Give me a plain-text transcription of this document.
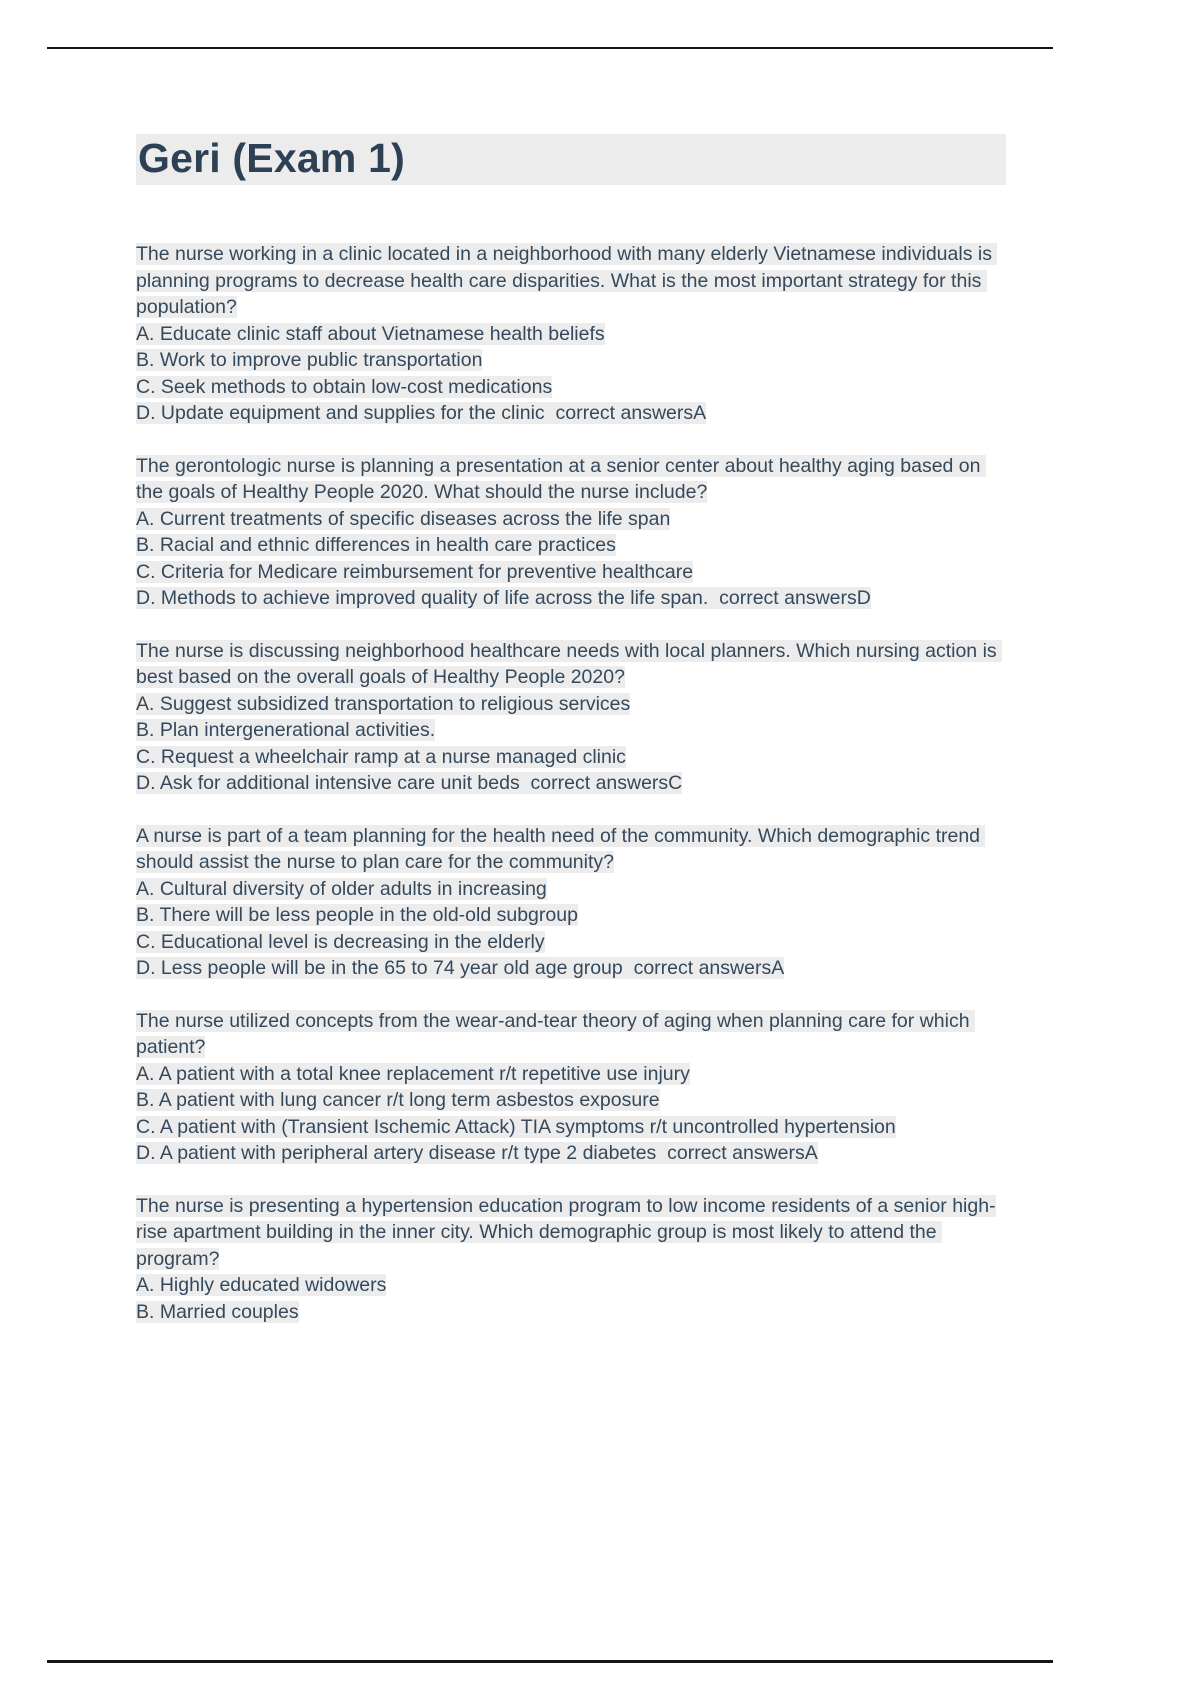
Geri (Exam 1)
The nurse working in a clinic located in a neighborhood with many elderly Vietnamese individuals is planning programs to decrease health care disparities. What is the most important strategy for this population?
A. Educate clinic staff about Vietnamese health beliefs
B. Work to improve public transportation
C. Seek methods to obtain low-cost medications
D. Update equipment and supplies for the clinic  correct answersA
The gerontologic nurse is planning a presentation at a senior center about healthy aging based on the goals of Healthy People 2020. What should the nurse include?
A. Current treatments of specific diseases across the life span
B. Racial and ethnic differences in health care practices
C. Criteria for Medicare reimbursement for preventive healthcare
D. Methods to achieve improved quality of life across the life span.  correct answersD
The nurse is discussing neighborhood healthcare needs with local planners. Which nursing action is best based on the overall goals of Healthy People 2020?
A. Suggest subsidized transportation to religious services
B. Plan intergenerational activities.
C. Request a wheelchair ramp at a nurse managed clinic
D. Ask for additional intensive care unit beds  correct answersC
A nurse is part of a team planning for the health need of the community. Which demographic trend should assist the nurse to plan care for the community?
A. Cultural diversity of older adults in increasing
B. There will be less people in the old-old subgroup
C. Educational level is decreasing in the elderly
D. Less people will be in the 65 to 74 year old age group  correct answersA
The nurse utilized concepts from the wear-and-tear theory of aging when planning care for which patient?
A. A patient with a total knee replacement r/t repetitive use injury
B. A patient with lung cancer r/t long term asbestos exposure
C. A patient with (Transient Ischemic Attack) TIA symptoms r/t uncontrolled hypertension
D. A patient with peripheral artery disease r/t type 2 diabetes  correct answersA
The nurse is presenting a hypertension education program to low income residents of a senior high-rise apartment building in the inner city. Which demographic group is most likely to attend the program?
A. Highly educated widowers
B. Married couples
